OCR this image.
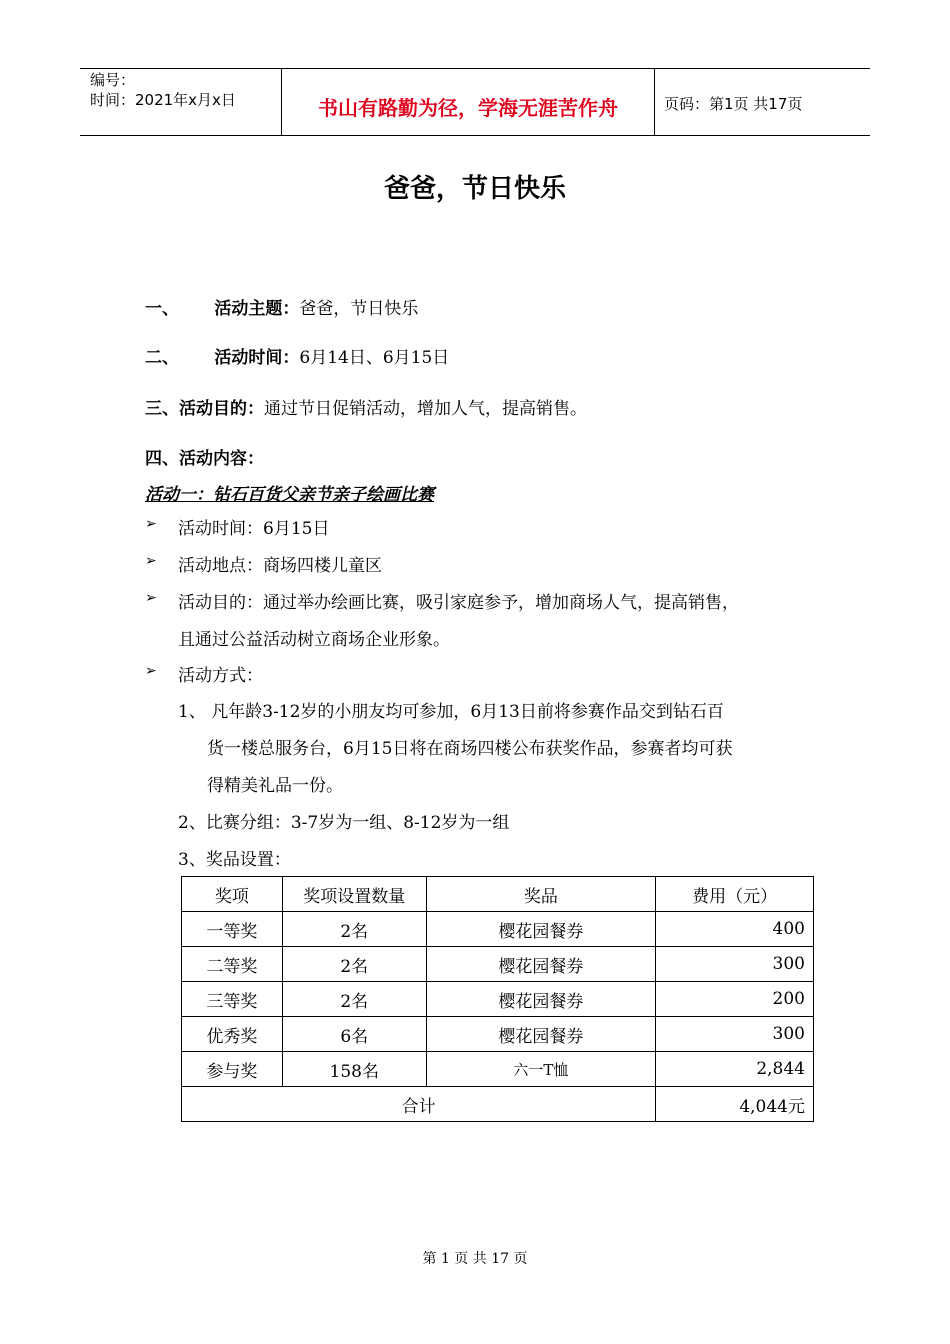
编号：
时间：2021年x月x日	书山有路勤为径，学海无涯苦作舟	页码：第1页 共17页
爸爸，节日快乐
一、 活动主题：爸爸，节日快乐
二、 活动时间：6月14日、6月15日
三、活动目的：通过节日促销活动，增加人气，提高销售。
四、活动内容：
活动一：钻石百货父亲节亲子绘画比赛
➢ 活动时间：6月15日
➢ 活动地点：商场四楼儿童区
➢ 活动目的：通过举办绘画比赛，吸引家庭参予，增加商场人气，提高销售，
且通过公益活动树立商场企业形象。
➢ 活动方式：
1、 凡年龄3-12岁的小朋友均可参加，6月13日前将参赛作品交到钻石百
货一楼总服务台，6月15日将在商场四楼公布获奖作品，参赛者均可获
得精美礼品一份。
2、比赛分组：3-7岁为一组、8-12岁为一组
3、奖品设置：
奖项	奖项设置数量	奖品	费用（元）
一等奖	2名	樱花园餐券	400
二等奖	2名	樱花园餐券	300
三等奖	2名	樱花园餐券	200
优秀奖	6名	樱花园餐券	300
参与奖	158名	六一T恤	2,844
合计			4,044元
第 1 页 共 17 页
